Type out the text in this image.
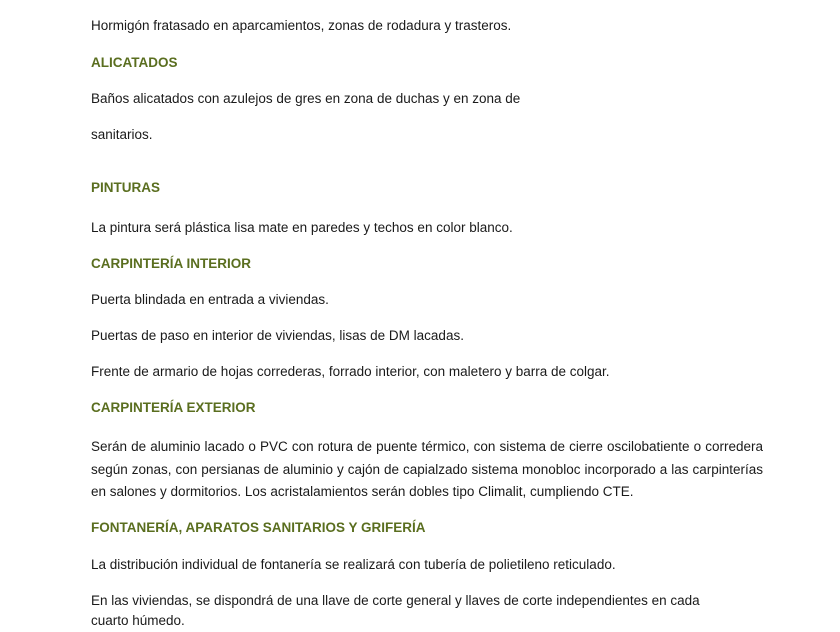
Hormigón fratasado en aparcamientos, zonas de rodadura y trasteros.

ALICATADOS

Baños alicatados con azulejos de gres en zona de duchas y en zona de

sanitarios.

PINTURAS

La pintura será plástica lisa mate en paredes y techos en color blanco.

CARPINTERÍA INTERIOR

Puerta blindada en entrada a viviendas.

Puertas de paso en interior de viviendas, lisas de DM lacadas.

Frente de armario de hojas correderas, forrado interior, con maletero y barra de colgar.

CARPINTERÍA EXTERIOR

Serán de aluminio lacado o PVC con rotura de puente térmico, con sistema de cierre oscilobatiente o corredera según zonas, con persianas de aluminio y cajón de capialzado sistema monobloc incorporado a las carpinterías en salones y dormitorios. Los acristalamientos serán dobles tipo Climalit, cumpliendo CTE.

FONTANERÍA, APARATOS SANITARIOS Y GRIFERÍA

La distribución individual de fontanería se realizará con tubería de polietileno reticulado.

En las viviendas, se dispondrá de una llave de corte general y llaves de corte independientes en cada

cuarto húmedo.
